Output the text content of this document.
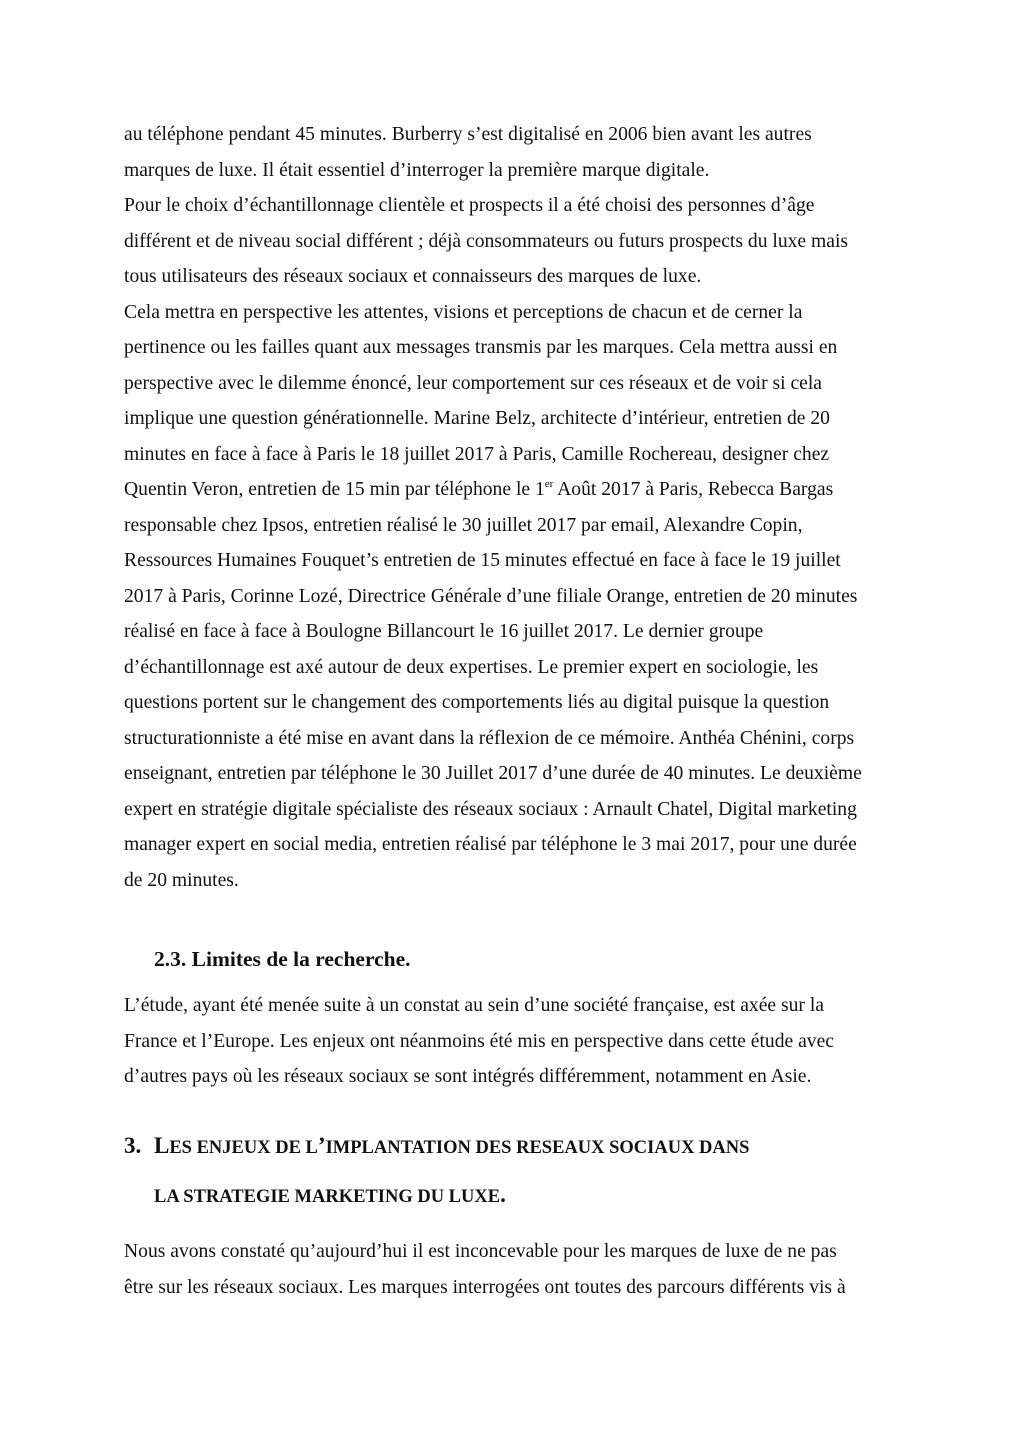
au téléphone pendant 45 minutes. Burberry s’est digitalisé en 2006 bien avant les autres
marques de luxe. Il était essentiel d’interroger la première marque digitale.
Pour le choix d’échantillonnage clientèle et prospects il a été choisi des personnes d’âge
différent et de niveau social différent ; déjà consommateurs ou futurs prospects du luxe mais
tous utilisateurs des réseaux sociaux et connaisseurs des marques de luxe.
Cela mettra en perspective les attentes, visions et perceptions de chacun et de cerner la
pertinence ou les failles quant aux messages transmis par les marques. Cela mettra aussi en
perspective avec le dilemme énoncé, leur comportement sur ces réseaux et de voir si cela
implique une question générationnelle. Marine Belz, architecte d’intérieur, entretien de 20
minutes en face à face à Paris le 18 juillet 2017 à Paris, Camille Rochereau, designer chez
Quentin Veron, entretien de 15 min par téléphone le 1er Août 2017 à Paris, Rebecca Bargas
responsable chez Ipsos, entretien réalisé le 30 juillet 2017 par email, Alexandre Copin,
Ressources Humaines Fouquet’s entretien de 15 minutes effectué en face à face le 19 juillet
2017 à Paris, Corinne Lozé, Directrice Générale d’une filiale Orange, entretien de 20 minutes
réalisé en face à face à Boulogne Billancourt le 16 juillet 2017. Le dernier groupe
d’échantillonnage est axé autour de deux expertises. Le premier expert en sociologie, les
questions portent sur le changement des comportements liés au digital puisque la question
structurationniste a été mise en avant dans la réflexion de ce mémoire. Anthéa Chénini, corps
enseignant, entretien par téléphone le 30 Juillet 2017 d’une durée de 40 minutes. Le deuxième
expert en stratégie digitale spécialiste des réseaux sociaux : Arnault Chatel, Digital marketing
manager expert en social media, entretien réalisé par téléphone le 3 mai 2017, pour une durée
de 20 minutes.
2.3. Limites de la recherche.
L’étude, ayant été menée suite à un constat au sein d’une société française, est axée sur la
France et l’Europe. Les enjeux ont néanmoins été mis en perspective dans cette étude avec
d’autres pays où les réseaux sociaux se sont intégrés différemment, notamment en Asie.
3. LES ENJEUX DE L’IMPLANTATION DES RESEAUX SOCIAUX DANS
LA STRATEGIE MARKETING DU LUXE.
Nous avons constaté qu’aujourd’hui il est inconcevable pour les marques de luxe de ne pas
être sur les réseaux sociaux. Les marques interrogées ont toutes des parcours différents vis à
